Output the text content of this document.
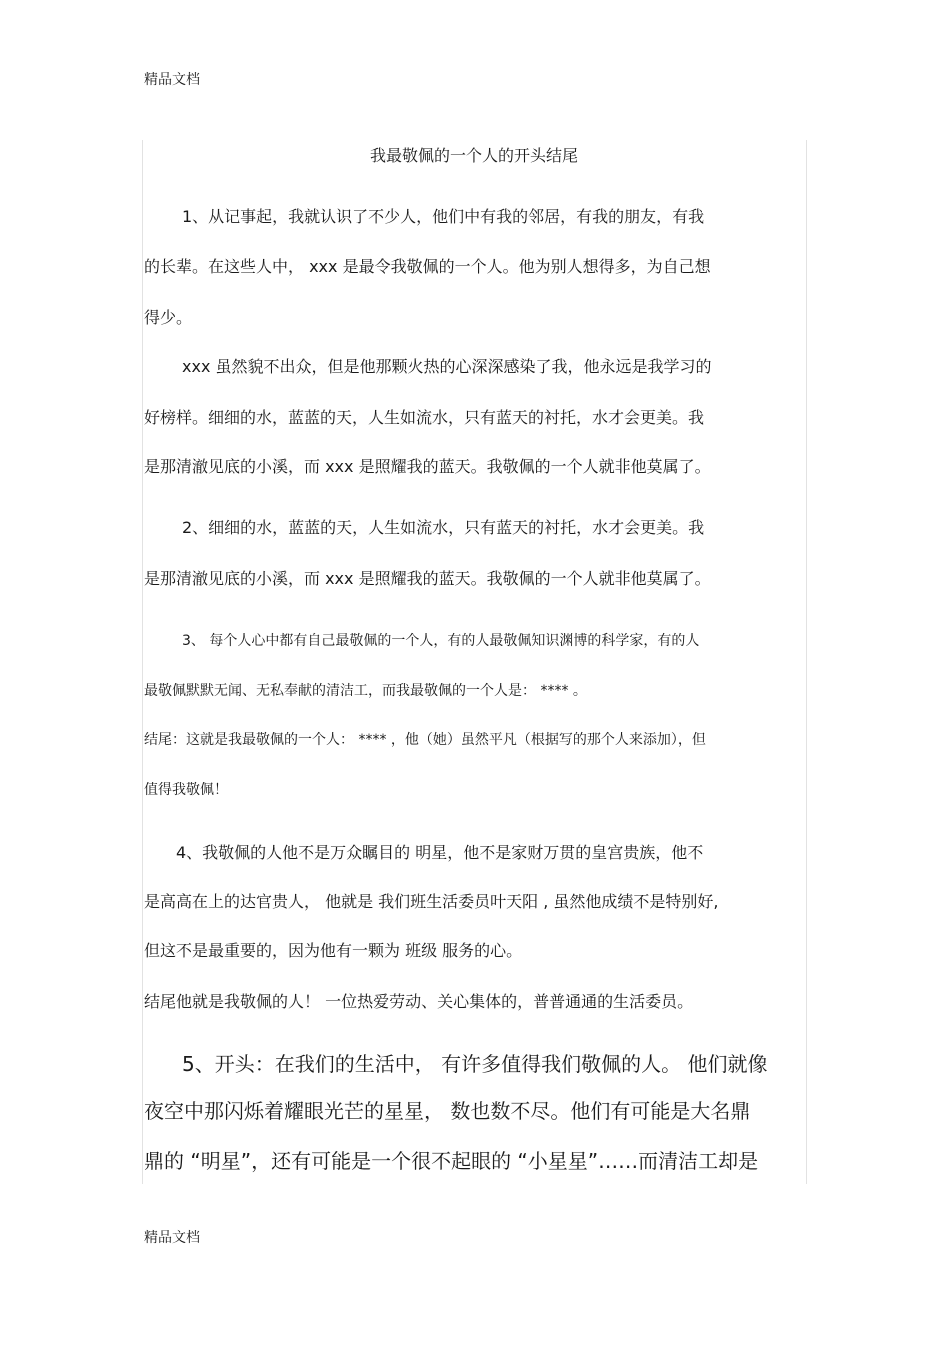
精品文档
我最敬佩的一个人的开头结尾
1、从记事起，我就认识了不少人，他们中有我的邻居，有我的朋友，有我
的长辈。在这些人中， xxx 是最令我敬佩的一个人。他为别人想得多，为自己想
得少。
xxx 虽然貌不出众，但是他那颗火热的心深深感染了我，他永远是我学习的
好榜样。细细的水，蓝蓝的天，人生如流水，只有蓝天的衬托，水才会更美。我
是那清澈见底的小溪，而 xxx 是照耀我的蓝天。我敬佩的一个人就非他莫属了。
2、细细的水，蓝蓝的天，人生如流水，只有蓝天的衬托，水才会更美。我
是那清澈见底的小溪，而 xxx 是照耀我的蓝天。我敬佩的一个人就非他莫属了。
3、 每个人心中都有自己最敬佩的一个人，有的人最敬佩知识渊博的科学家，有的人
最敬佩默默无闻、无私奉献的清洁工，而我最敬佩的一个人是： **** 。
结尾：这就是我最敬佩的一个人： **** ，他（她）虽然平凡（根据写的那个人来添加），但
值得我敬佩！
4、我敬佩的人他不是万众瞩目的 明星，他不是家财万贯的皇宫贵族，他不
是高高在上的达官贵人， 他就是 我们班生活委员叶天阳 , 虽然他成绩不是特别好,
但这不是最重要的，因为他有一颗为 班级 服务的心。
结尾他就是我敬佩的人！ 一位热爱劳动、关心集体的，普普通通的生活委员。
5、开头：在我们的生活中， 有许多值得我们敬佩的人。 他们就像
夜空中那闪烁着耀眼光芒的星星， 数也数不尽。他们有可能是大名鼎
鼎的 “明星”，还有可能是一个很不起眼的 “小星星”……而清洁工却是
精品文档
